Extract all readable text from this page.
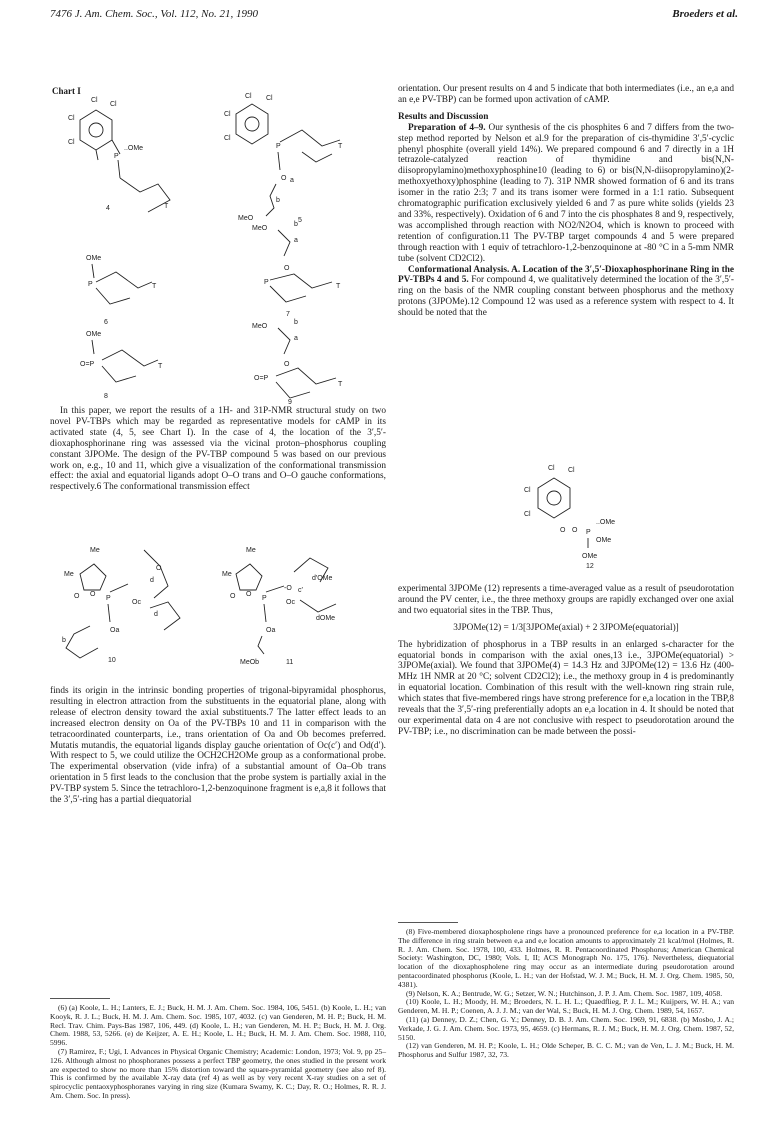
7476 J. Am. Chem. Soc., Vol. 112, No. 21, 1990	Broeders et al.
Chart I
Cl
Cl
Cl
Cl
P
..OMe
T
4
Cl Cl
Cl
Cl
P	T
O a
b
MeO	5
OMe
P	T
6
MeO
a
b
O
P
T
7
OMe
O=P	T
8
MeO
a
b
O
O=P
T
9

In this paper, we report the results of a 1H- and 31P-NMR structural study on two novel PV-TBPs which may be regarded as representative models for cAMP in its activated state (4, 5, see Chart I). In the case of 4, the location of the 3′,5′-dioxaphosphorinane ring was assessed via the vicinal proton–phosphorus coupling constant 3JPOMe. The design of the PV-TBP compound 5 was based on our previous work on, e.g., 10 and 11, which give a visualization of the conformational transmission effect: the axial and equatorial ligands adopt O–O trans and O–O gauche conformations, respectively.6 The conformational transmission effect

Me
Me
O
O	P
d
O
Oc
d
Oa
b
10
Me
Me
O
O	P
-O c′
d′OMe
Oc
dOMe
Oa
MeOb	11

finds its origin in the intrinsic bonding properties of trigonal-bipyramidal phosphorus, resulting in electron attraction from the substituents in the equatorial plane, along with release of electron density toward the axial substituents.7 The latter effect leads to an increased electron density on Oa of the PV-TBPs 10 and 11 in comparison with the tetracoordinated counterparts, i.e., trans orientation of Oa and Ob becomes preferred. Mutatis mutandis, the equatorial ligands display gauche orientation of Oc(c′) and Od(d′). With respect to 5, we could utilize the OCH2CH2OMe group as a conformational probe. The experimental observation (vide infra) of a substantial amount of Oa–Ob trans orientation in 5 first leads to the conclusion that the probe system is partially axial in the PV-TBP system 5. Since the tetrachloro-1,2-benzoquinone fragment is e,a,8 it follows that the 3′,5′-ring has a partial diequatorial

(6) (a) Koole, L. H.; Lanters, E. J.; Buck, H. M. J. Am. Chem. Soc. 1984, 106, 5451. (b) Koole, L. H.; van Kooyk, R. J. L.; Buck, H. M. J. Am. Chem. Soc. 1985, 107, 4032. (c) van Genderen, M. H. P.; Buck, H. M. Recl. Trav. Chim. Pays-Bas 1987, 106, 449. (d) Koole, L. H.; van Genderen, M. H. P.; Buck, H. M. J. Org. Chem. 1988, 53, 5266. (e) de Keijzer, A. E. H.; Koole, L. H.; Buck, H. M. J. Am. Chem. Soc. 1988, 110, 5996.

(7) Ramirez, F.; Ugi, I. Advances in Physical Organic Chemistry; Academic: London, 1973; Vol. 9, pp 25–126. Although almost no phosphoranes possess a perfect TBP geometry, the ones studied in the present work are expected to show no more than 15% distortion toward the square-pyramidal geometry (see also ref 8). This is confirmed by the available X-ray data (ref 4) as well as by very recent X-ray studies on a set of spirocyclic pentaoxyphosphoranes varying in ring size (Kumara Swamy, K. C.; Day, R. O.; Holmes, R. R. J. Am. Chem. Soc. In press).

orientation. Our present results on 4 and 5 indicate that both intermediates (i.e., an e,a and an e,e PV-TBP) can be formed upon activation of cAMP.

Results and Discussion

Preparation of 4–9. Our synthesis of the cis phosphites 6 and 7 differs from the two-step method reported by Nelson et al.9 for the preparation of cis-thymidine 3′,5′-cyclic phenyl phosphite (overall yield 14%). We prepared compound 6 and 7 directly in a 1H tetrazole-catalyzed reaction of thymidine and bis(N,N-diisopropylamino)methoxyphosphine10 (leading to 6) or bis(N,N-diisopropylamino)(2-methoxyethoxy)phosphine (leading to 7). 31P NMR showed formation of 6 and its trans isomer in the ratio 2:3; 7 and its trans isomer were formed in a 1:1 ratio. Subsequent chromatographic purification exclusively yielded 6 and 7 as pure white solids (yields 23 and 33%, respectively). Oxidation of 6 and 7 into the cis phosphates 8 and 9, respectively, was accomplished through reaction with NO2/N2O4, which is known to proceed with retention of configuration.11 The PV-TBP target compounds 4 and 5 were prepared through reaction with 1 equiv of tetrachloro-1,2-benzoquinone at -80 °C in a 5-mm NMR tube (solvent CD2Cl2).

Conformational Analysis. A. Location of the 3′,5′-Dioxaphosphorinane Ring in the PV-TBPs 4 and 5. For compound 4, we qualitatively determined the location of the 3′,5′-ring on the basis of the NMR coupling constant between phosphorus and the methoxy protons (3JPOMe).12 Compound 12 was used as a reference system with respect to 4. It should be noted that the

Cl Cl
Cl
Cl
O
O	P
..OMe
OMe
OMe
12

experimental 3JPOMe (12) represents a time-averaged value as a result of pseudorotation around the PV center, i.e., the three methoxy groups are rapidly exchanged over one axial and two equatorial sites in the TBP. Thus,

3JPOMe(12) = 1/3[3JPOMe(axial) + 2 3JPOMe(equatorial)]

The hybridization of phosphorus in a TBP results in an enlarged s-character for the equatorial bonds in comparison with the axial ones,13 i.e., 3JPOMe(equatorial) > 3JPOMe(axial). We found that 3JPOMe(4) = 14.3 Hz and 3JPOMe(12) = 13.6 Hz (400-MHz 1H NMR at 20 °C; solvent CD2Cl2); i.e., the methoxy group in 4 is predominantly in equatorial location. Combination of this result with the well-known ring strain rule, which states that five-membered rings have strong preference for e,a location in the TBP,8 reveals that the 3′,5′-ring preferentially adopts an e,a location in 4. It should be noted that our experimental data on 4 are not conclusive with respect to pseudorotation around the PV-TBP; i.e., no discrimination can be made between the possi-

(8) Five-membered dioxaphospholene rings have a pronounced preference for e,a location in a PV-TBP. The difference in ring strain between e,a and e,e location amounts to approximately 21 kcal/mol (Holmes, R. R. J. Am. Chem. Soc. 1978, 100, 433. Holmes, R. R. Pentacoordinated Phosphorus; American Chemical Society: Washington, DC, 1980; Vols. I, II; ACS Monograph No. 175, 176). Nevertheless, diequatorial location of the dioxaphospholene ring may occur as an intermediate during pseudorotation around pentacoordinated phosphorus (Koole, L. H.; van der Hofstad, W. J. M.; Buck, H. M. J. Org. Chem. 1985, 50, 4381).

(9) Nelson, K. A.; Bentrude, W. G.; Setzer, W. N.; Hutchinson, J. P. J. Am. Chem. Soc. 1987, 109, 4058.

(10) Koole, L. H.; Moody, H. M.; Broeders, N. L. H. L.; Quaedflieg, P. J. L. M.; Kuijpers, W. H. A.; van Genderen, M. H. P.; Coenen, A. J. J. M.; van der Wal, S.; Buck, H. M. J. Org. Chem. 1989, 54, 1657.

(11) (a) Denney, D. Z.; Chen, G. Y.; Denney, D. B. J. Am. Chem. Soc. 1969, 91, 6838. (b) Mosbo, J. A.; Verkade, J. G. J. Am. Chem. Soc. 1973, 95, 4659. (c) Hermans, R. J. M.; Buck, H. M. J. Org. Chem. 1987, 52, 5150.

(12) van Genderen, M. H. P.; Koole, L. H.; Olde Scheper, B. C. C. M.; van de Ven, L. J. M.; Buck, H. M. Phosphorus and Sulfur 1987, 32, 73.
